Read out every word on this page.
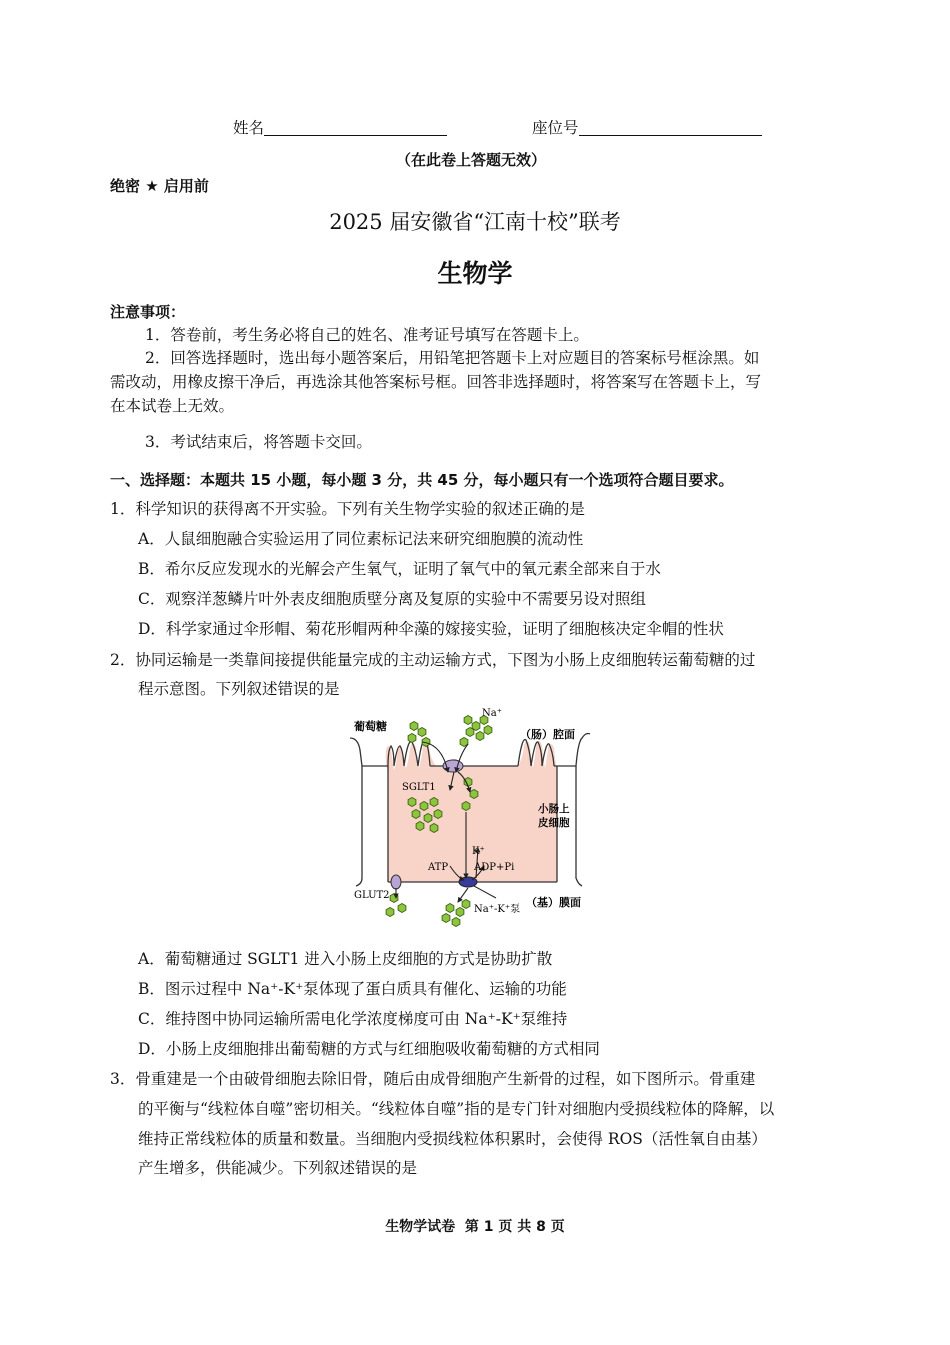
姓名	座位号
（在此卷上答题无效）
绝密 ★ 启用前
2025 届安徽省“江南十校”联考
生物学
注意事项：
1．答卷前，考生务必将自己的姓名、准考证号填写在答题卡上。
2．回答选择题时，选出每小题答案后，用铅笔把答题卡上对应题目的答案标号框涂黑。如
需改动，用橡皮擦干净后，再选涂其他答案标号框。回答非选择题时，将答案写在答题卡上，写
在本试卷上无效。
3．考试结束后，将答题卡交回。
一、选择题：本题共 15 小题，每小题 3 分，共 45 分，每小题只有一个选项符合题目要求。
1．科学知识的获得离不开实验。下列有关生物学实验的叙述正确的是
A．人鼠细胞融合实验运用了同位素标记法来研究细胞膜的流动性
B．希尔反应发现水的光解会产生氧气，证明了氧气中的氧元素全部来自于水
C．观察洋葱鳞片叶外表皮细胞质壁分离及复原的实验中不需要另设对照组
D．科学家通过伞形帽、菊花形帽两种伞藻的嫁接实验，证明了细胞核决定伞帽的性状
2．协同运输是一类靠间接提供能量完成的主动运输方式，下图为小肠上皮细胞转运葡萄糖的过
程示意图。下列叙述错误的是
葡萄糖
Na⁺
（肠）腔面
SGLT1
小肠上
皮细胞
K⁺
ATP	ADP+Pi
GLUT2
Na⁺-K⁺泵
（基）膜面
A．葡萄糖通过 SGLT1 进入小肠上皮细胞的方式是协助扩散
B．图示过程中 Na⁺-K⁺泵体现了蛋白质具有催化、运输的功能
C．维持图中协同运输所需电化学浓度梯度可由 Na⁺-K⁺泵维持
D．小肠上皮细胞排出葡萄糖的方式与红细胞吸收葡萄糖的方式相同
3．骨重建是一个由破骨细胞去除旧骨，随后由成骨细胞产生新骨的过程，如下图所示。骨重建
的平衡与“线粒体自噬”密切相关。“线粒体自噬”指的是专门针对细胞内受损线粒体的降解，以
维持正常线粒体的质量和数量。当细胞内受损线粒体积累时，会使得 ROS（活性氧自由基）
产生增多，供能减少。下列叙述错误的是
生物学试卷  第 1 页 共 8 页
